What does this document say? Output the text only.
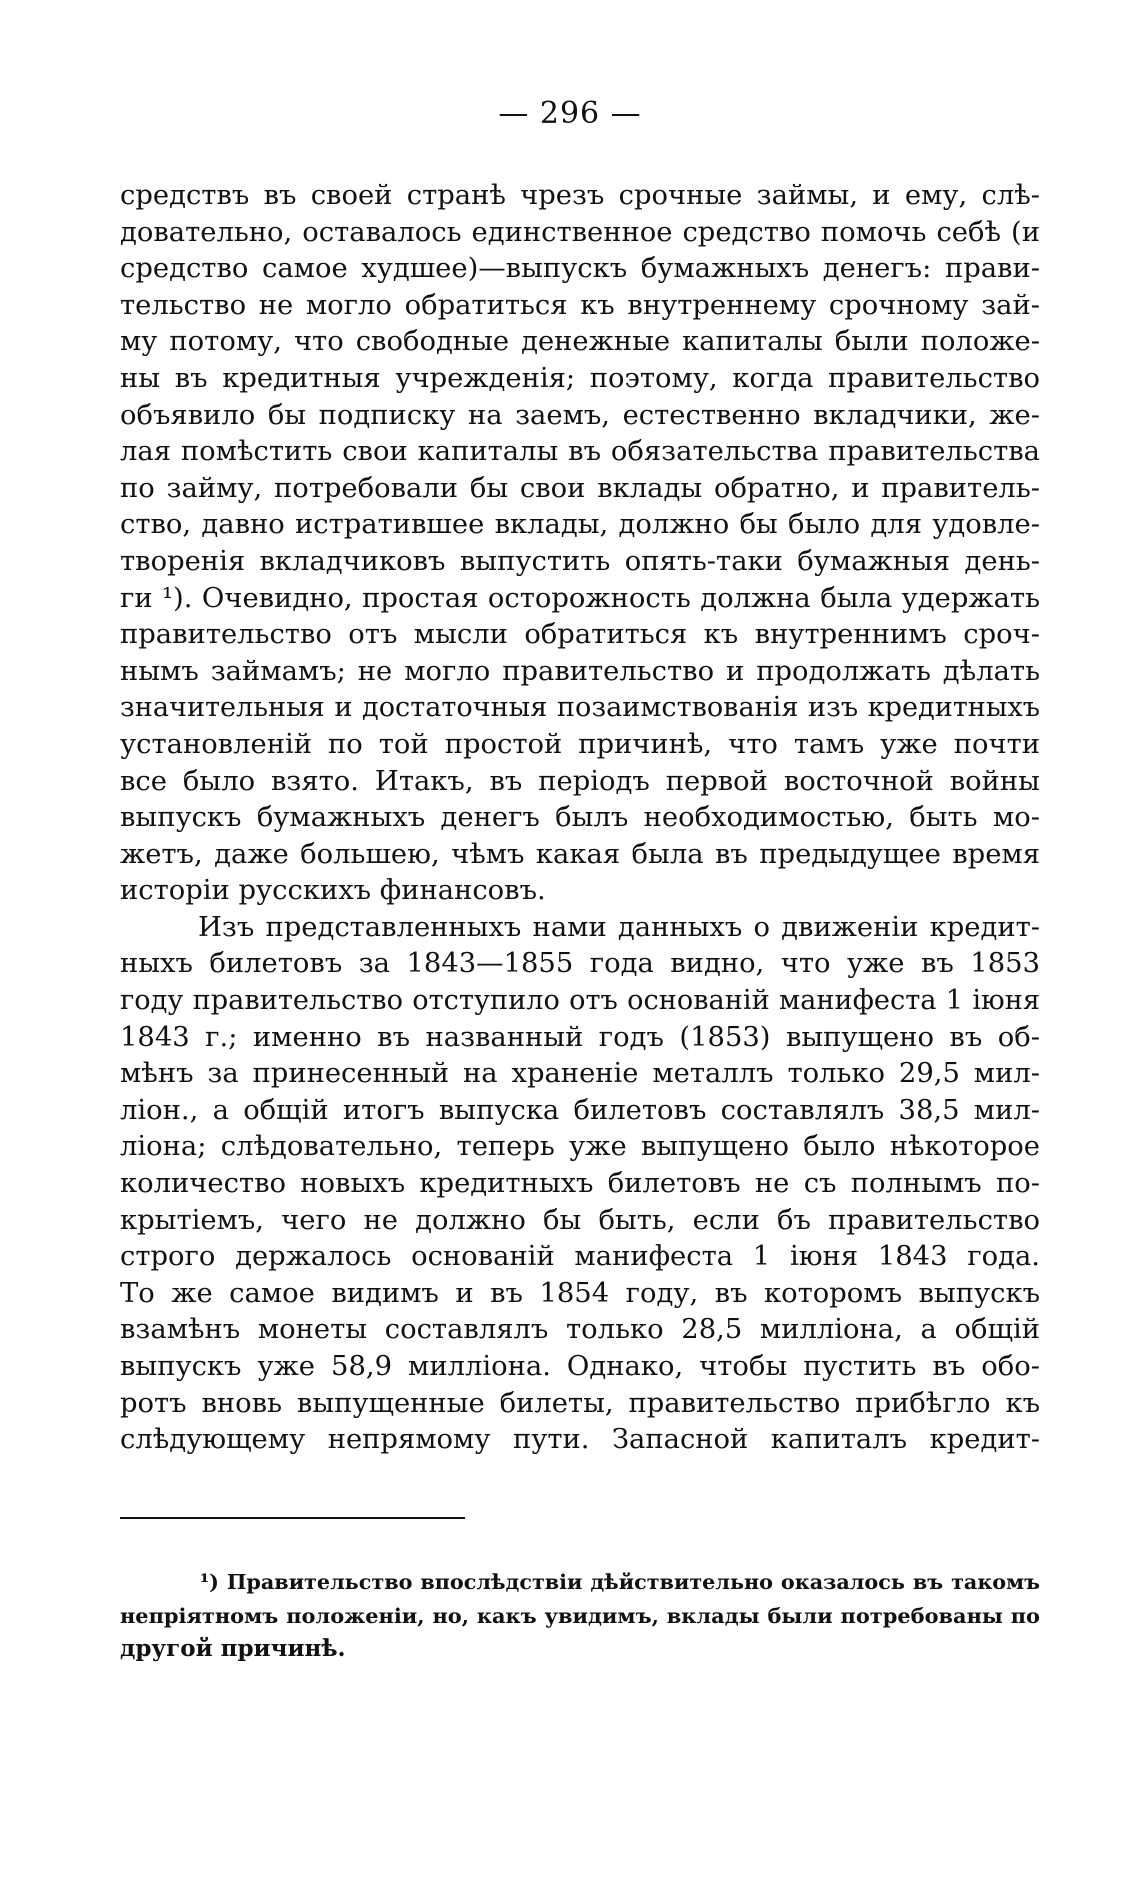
— 296 —
средствъ въ своей странѣ чрезъ срочные займы, и ему, слѣ-
довательно, оставалось единственное средство помочь себѣ (и
средство самое худшее)—выпускъ бумажныхъ денегъ: прави-
тельство не могло обратиться къ внутреннему срочному зай-
му потому, что свободные денежные капиталы были положе-
ны въ кредитныя учрежденія; поэтому, когда правительство
объявило бы подписку на заемъ, естественно вкладчики, же-
лая помѣстить свои капиталы въ обязательства правительства
по займу, потребовали бы свои вклады обратно, и правитель-
ство, давно истратившее вклады, должно бы было для удовле-
творенія вкладчиковъ выпустить опять-таки бумажныя день-
ги ¹). Очевидно, простая осторожность должна была удержать
правительство отъ мысли обратиться къ внутреннимъ сроч-
нымъ займамъ; не могло правительство и продолжать дѣлать
значительныя и достаточныя позаимствованія изъ кредитныхъ
установленій по той простой причинѣ, что тамъ уже почти
все было взято. Итакъ, въ періодъ первой восточной войны
выпускъ бумажныхъ денегъ былъ необходимостью, быть мо-
жетъ, даже большею, чѣмъ какая была въ предыдущее время
исторіи русскихъ финансовъ.
Изъ представленныхъ нами данныхъ о движеніи кредит-
ныхъ билетовъ за 1843—1855 года видно, что уже въ 1853
году правительство отступило отъ основаній манифеста 1 іюня
1843 г.; именно въ названный годъ (1853) выпущено въ об-
мѣнъ за принесенный на храненіе металлъ только 29,5 мил-
ліон., а общій итогъ выпуска билетовъ составлялъ 38,5 мил-
ліона; слѣдовательно, теперь уже выпущено было нѣкоторое
количество новыхъ кредитныхъ билетовъ не съ полнымъ по-
крытіемъ, чего не должно бы быть, если бъ правительство
строго держалось основаній манифеста 1 іюня 1843 года.
То же самое видимъ и въ 1854 году, въ которомъ выпускъ
взамѣнъ монеты составлялъ только 28,5 милліона, а общій
выпускъ уже 58,9 милліона. Однако, чтобы пустить въ обо-
ротъ вновь выпущенные билеты, правительство прибѣгло къ
слѣдующему непрямому пути. Запасной капиталъ кредит-
¹) Правительство впослѣдствіи дѣйствительно оказалось въ такомъ
непріятномъ положеніи, но, какъ увидимъ, вклады были потребованы по
другой причинѣ.
